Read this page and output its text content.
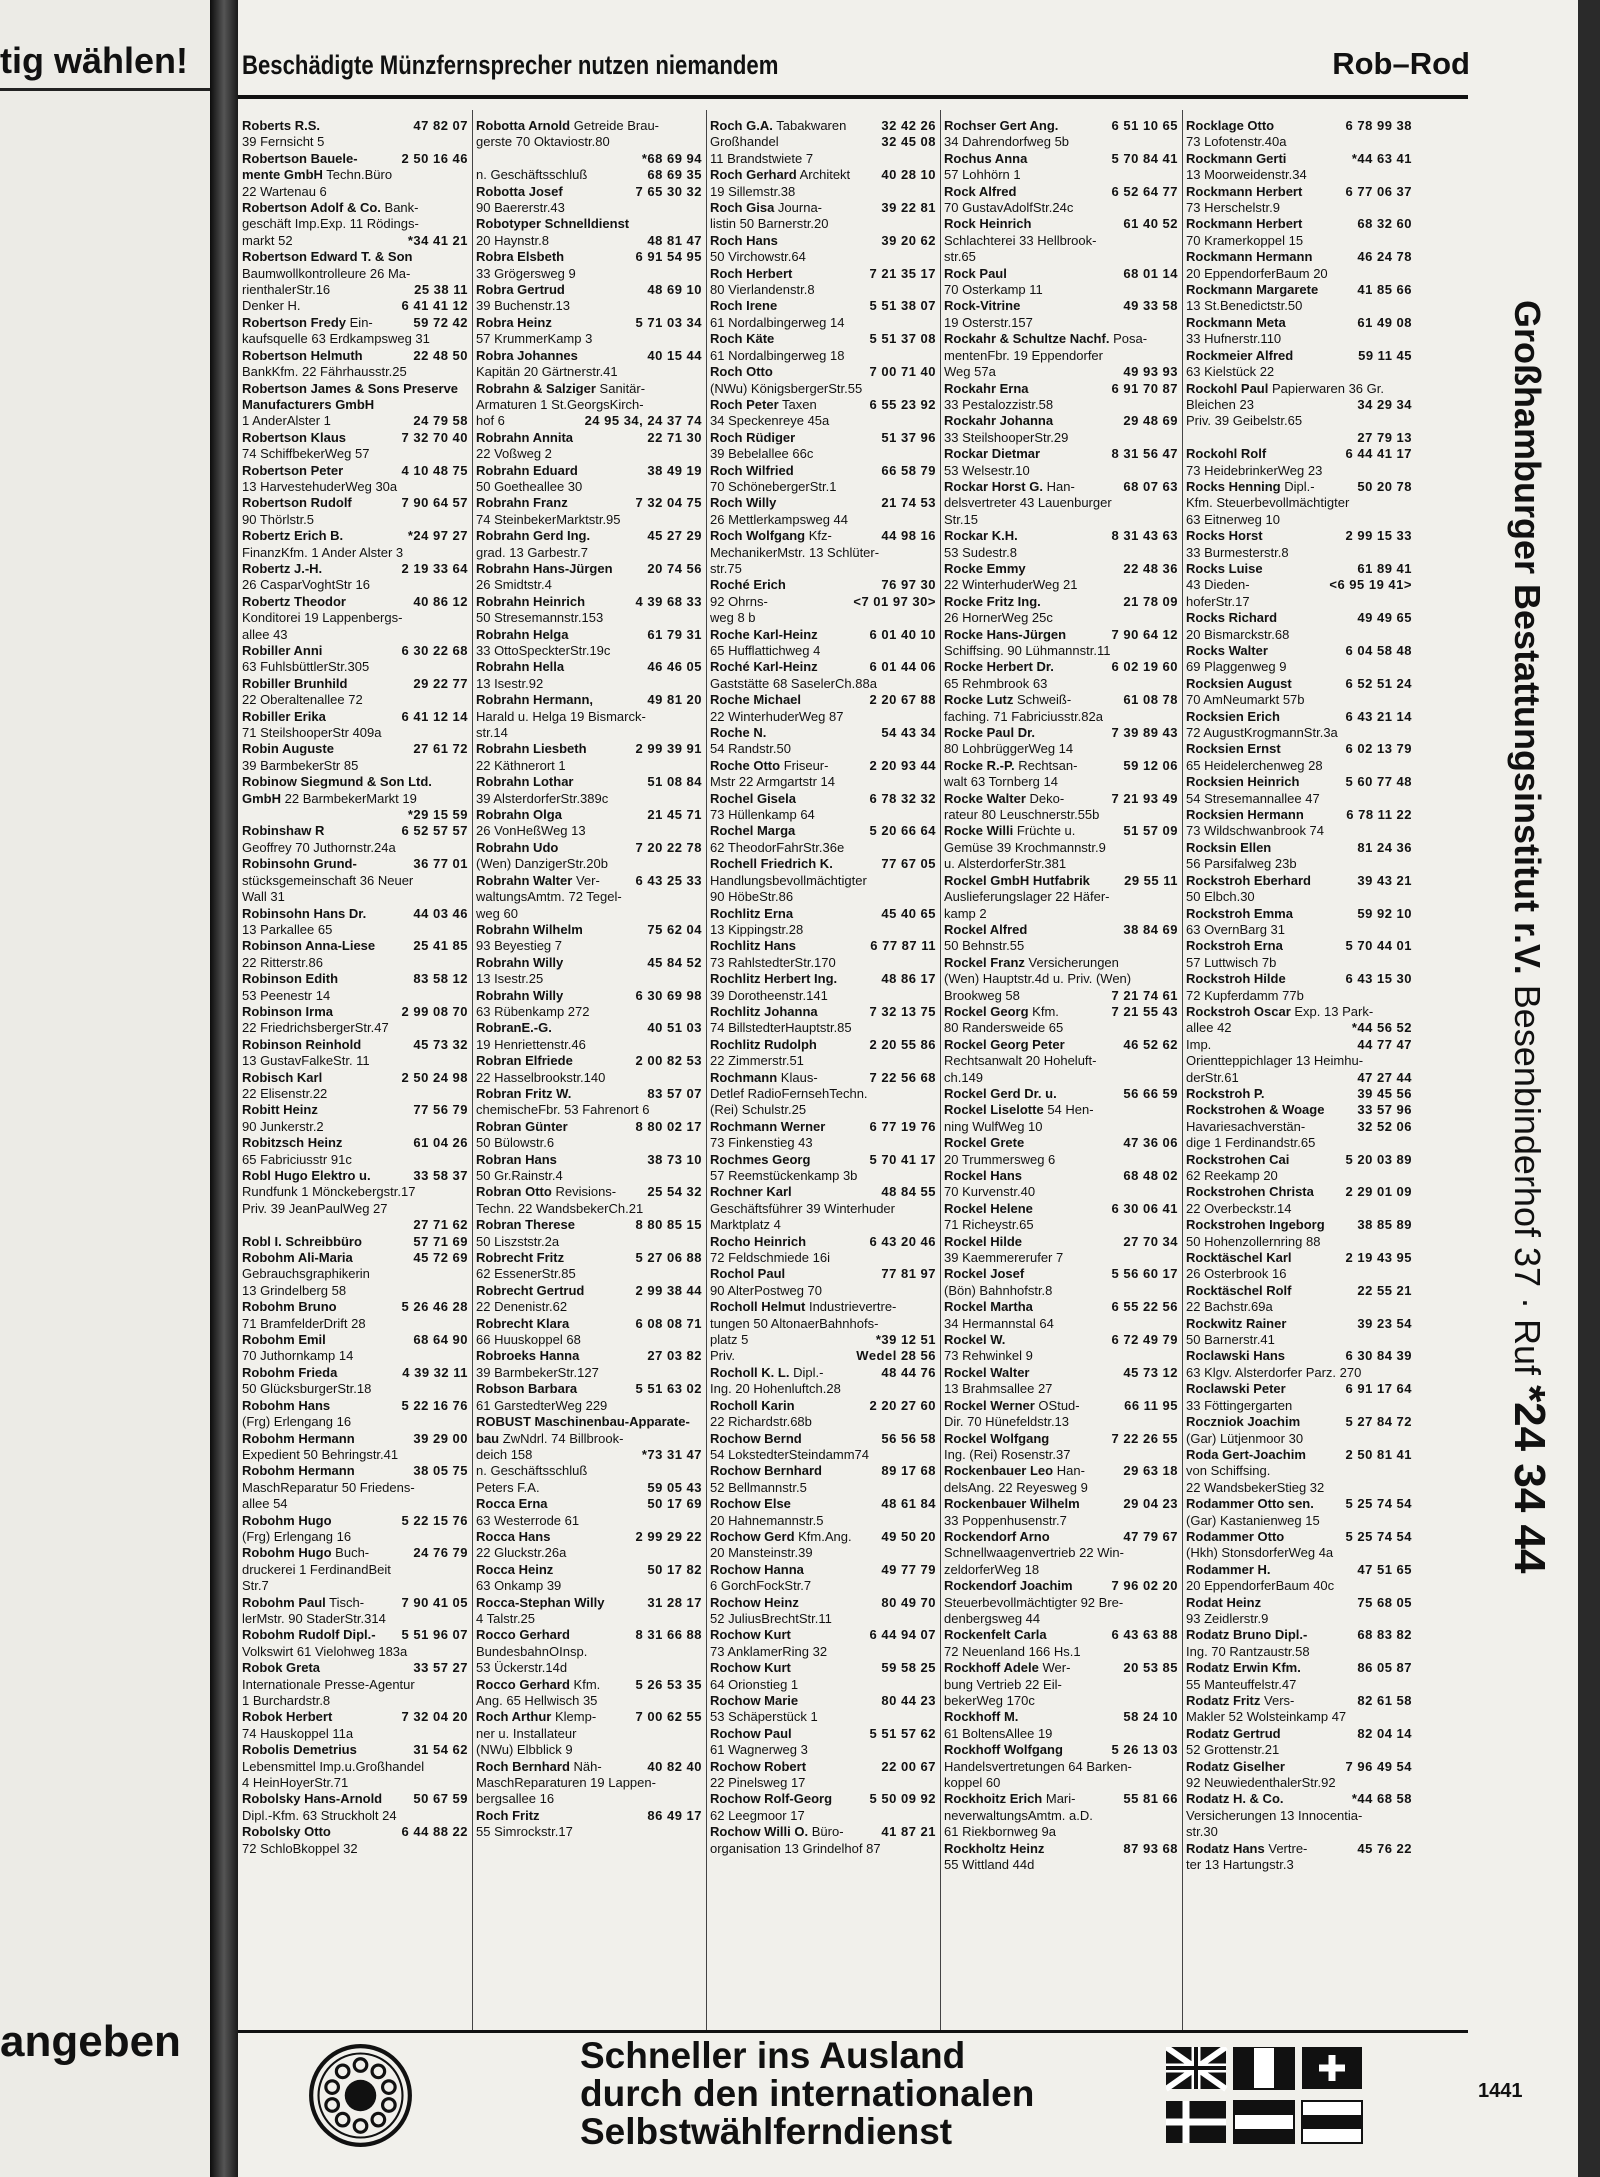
tig wählen!
angeben
Beschädigte Münzfernsprecher nutzen niemandem	Rob–Rod
47 82 07
Roberts R.S.
39 Fernsicht 5
2 50 16 46
Robertson Bauele-
mente GmbH Techn.Büro
22 Wartenau 6
Robertson Adolf & Co. Bank-
geschäft Imp.Exp. 11 Rödings-
*34 41 21
markt 52
Robertson Edward T. & Son
Baumwollkontrolleure 26 Ma-
25 38 11
rienthalerStr.16
6 41 41 12
Denker H.
59 72 42
Robertson Fredy Ein-
kaufsquelle 63 Erdkampsweg 31
22 48 50
Robertson Helmuth
BankKfm. 22 Fährhausstr.25
Robertson James & Sons Preserve
Manufacturers GmbH
24 79 58
1 AnderAlster 1
7 32 70 40
Robertson Klaus
74 SchiffbekerWeg 57
4 10 48 75
Robertson Peter
13 HarvestehuderWeg 30a
7 90 64 57
Robertson Rudolf
90 Thörlstr.5
*24 97 27
Robertz Erich B.
FinanzKfm. 1 Ander Alster 3
2 19 33 64
Robertz J.-H.
26 CasparVoghtStr 16
40 86 12
Robertz Theodor
Konditorei 19 Lappenbergs-
allee 43
6 30 22 68
Robiller Anni
63 FuhlsbüttlerStr.305
29 22 77
Robiller Brunhild
22 Oberaltenallee 72
6 41 12 14
Robiller Erika
71 SteilshooperStr 409a
27 61 72
Robin Auguste
39 BarmbekerStr 85
Robinow Siegmund & Son Ltd.
GmbH 22 BarmbekerMarkt 19
*29 15 59
6 52 57 57
Robinshaw R
Geoffrey 70 Juthornstr.24a
36 77 01
Robinsohn Grund-
stücksgemeinschaft 36 Neuer
Wall 31
44 03 46
Robinsohn Hans Dr.
13 Parkallee 65
25 41 85
Robinson Anna-Liese
22 Ritterstr.86
83 58 12
Robinson Edith
53 Peenestr 14
2 99 08 70
Robinson Irma
22 FriedrichsbergerStr.47
45 73 32
Robinson Reinhold
13 GustavFalkeStr. 11
2 50 24 98
Robisch Karl
22 Elisenstr.22
77 56 79
Robitt Heinz
90 Junkerstr.2
61 04 26
Robitzsch Heinz
65 Fabriciusstr 91c
33 58 37
Robl Hugo Elektro u.
Rundfunk 1 Mönckebergstr.17
Priv. 39 JeanPaulWeg 27
27 71 62
57 71 69
Robl I. Schreibbüro
45 72 69
Robohm Ali-Maria
Gebrauchsgraphikerin
13 Grindelberg 58
5 26 46 28
Robohm Bruno
71 BramfelderDrift 28
68 64 90
Robohm Emil
70 Juthornkamp 14
4 39 32 11
Robohm Frieda
50 GlücksburgerStr.18
5 22 16 76
Robohm Hans
(Frg) Erlengang 16
39 29 00
Robohm Hermann
Expedient 50 Behringstr.41
38 05 75
Robohm Hermann
MaschReparatur 50 Friedens-
allee 54
5 22 15 76
Robohm Hugo
(Frg) Erlengang 16
24 76 79
Robohm Hugo Buch-
druckerei 1 FerdinandBeit
Str.7
7 90 41 05
Robohm Paul Tisch-
lerMstr. 90 StaderStr.314
5 51 96 07
Robohm Rudolf Dipl.-
Volkswirt 61 Vielohweg 183a
33 57 27
Robok Greta
Internationale Presse-Agentur
1 Burchardstr.8
7 32 04 20
Robok Herbert
74 Hauskoppel 11a
31 54 62
Robolis Demetrius
Lebensmittel Imp.u.Großhandel
4 HeinHoyerStr.71
50 67 59
Robolsky Hans-Arnold
Dipl.-Kfm. 63 Struckholt 24
6 44 88 22
Robolsky Otto
72 SchloBkoppel 32
Robotta Arnold Getreide Brau-
gerste 70 Oktaviostr.80
*68 69 94
68 69 35
n. Geschäftsschluß
7 65 30 32
Robotta Josef
90 Baererstr.43
Robotyper Schnelldienst
48 81 47
20 Haynstr.8
6 91 54 95
Robra Elsbeth
33 Grögersweg 9
48 69 10
Robra Gertrud
39 Buchenstr.13
5 71 03 34
Robra Heinz
57 KrummerKamp 3
40 15 44
Robra Johannes
Kapitän 20 Gärtnerstr.41
Robrahn & Salziger Sanitär-
Armaturen 1 St.GeorgsKirch-
24 95 34, 24 37 74
hof 6
22 71 30
Robrahn Annita
22 Voßweg 2
38 49 19
Robrahn Eduard
50 Goetheallee 30
7 32 04 75
Robrahn Franz
74 SteinbekerMarktstr.95
45 27 29
Robrahn Gerd Ing.
grad. 13 Garbestr.7
20 74 56
Robrahn Hans-Jürgen
26 Smidtstr.4
4 39 68 33
Robrahn Heinrich
50 Stresemannstr.153
61 79 31
Robrahn Helga
33 OttoSpeckterStr.19c
46 46 05
Robrahn Hella
13 Isestr.92
49 81 20
Robrahn Hermann,
Harald u. Helga 19 Bismarck-
str.14
2 99 39 91
Robrahn Liesbeth
22 Käthnerort 1
51 08 84
Robrahn Lothar
39 AlsterdorferStr.389c
21 45 71
Robrahn Olga
26 VonHeßWeg 13
7 20 22 78
Robrahn Udo
(Wen) DanzigerStr.20b
6 43 25 33
Robrahn Walter Ver-
waltungsAmtm. 72 Tegel-
weg 60
75 62 04
Robrahn Wilhelm
93 Beyestieg 7
45 84 52
Robrahn Willy
13 Isestr.25
6 30 69 98
Robrahn Willy
63 Rübenkamp 272
40 51 03
RobranE.-G.
19 Henriettenstr.46
2 00 82 53
Robran Elfriede
22 Hasselbrookstr.140
83 57 07
Robran Fritz W.
chemischeFbr. 53 Fahrenort 6
8 80 02 17
Robran Günter
50 Bülowstr.6
38 73 10
Robran Hans
50 Gr.Rainstr.4
25 54 32
Robran Otto Revisions-
Techn. 22 WandsbekerCh.21
8 80 85 15
Robran Therese
50 Liszststr.2a
5 27 06 88
Robrecht Fritz
62 EssenerStr.85
2 99 38 44
Robrecht Gertrud
22 Denenistr.62
6 08 08 71
Robrecht Klara
66 Huuskoppel 68
27 03 82
Robroeks Hanna
39 BarmbekerStr.127
5 51 63 02
Robson Barbara
61 GarstedterWeg 229
ROBUST Maschinenbau-Apparate-
bau ZwNdrl. 74 Billbrook-
*73 31 47
deich 158
n. Geschäftsschluß
59 05 43
Peters F.A.
50 17 69
Rocca Erna
63 Westerrode 61
2 99 29 22
Rocca Hans
22 Gluckstr.26a
50 17 82
Rocca Heinz
63 Onkamp 39
31 28 17
Rocca-Stephan Willy
4 Talstr.25
8 31 66 88
Rocco Gerhard
BundesbahnOInsp.
53 Ückerstr.14d
5 26 53 35
Rocco Gerhard Kfm.
Ang. 65 Hellwisch 35
7 00 62 55
Roch Arthur Klemp-
ner u. Installateur
(NWu) Elbblick 9
40 82 40
Roch Bernhard Näh-
MaschReparaturen 19 Lappen-
bergsallee 16
86 49 17
Roch Fritz
55 Simrockstr.17
32 42 26
Roch G.A. Tabakwaren
32 45 08
Großhandel
11 Brandstwiete 7
40 28 10
Roch Gerhard Architekt
19 Sillemstr.38
39 22 81
Roch Gisa Journa-
listin 50 Barnerstr.20
39 20 62
Roch Hans
50 Virchowstr.64
7 21 35 17
Roch Herbert
80 Vierlandenstr.8
5 51 38 07
Roch Irene
61 Nordalbingerweg 14
5 51 37 08
Roch Käte
61 Nordalbingerweg 18
7 00 71 40
Roch Otto
(NWu) KönigsbergerStr.55
6 55 23 92
Roch Peter Taxen
34 Speckenreye 45a
51 37 96
Roch Rüdiger
39 Bebelallee 66c
66 58 79
Roch Wilfried
70 SchönebergerStr.1
21 74 53
Roch Willy
26 Mettlerkampsweg 44
44 98 16
Roch Wolfgang Kfz-
MechanikerMstr. 13 Schlüter-
str.75
76 97 30
Roché Erich
<7 01 97 30>
92 Ohrns-
weg 8 b
6 01 40 10
Roche Karl-Heinz
65 Hufflattichweg 4
6 01 44 06
Roché Karl-Heinz
Gaststätte 68 SaselerCh.88a
2 20 67 88
Roche Michael
22 WinterhuderWeg 87
54 43 34
Roche N.
54 Randstr.50
2 20 93 44
Roche Otto Friseur-
Mstr 22 Armgartstr 14
6 78 32 32
Rochel Gisela
73 Hüllenkamp 64
5 20 66 64
Rochel Marga
62 TheodorFahrStr.36e
77 67 05
Rochell Friedrich K.
Handlungsbevollmächtigter
90 HöbeStr.86
45 40 65
Rochlitz Erna
13 Kippingstr.28
6 77 87 11
Rochlitz Hans
73 RahlstedterStr.170
48 86 17
Rochlitz Herbert Ing.
39 Dorotheenstr.141
7 32 13 75
Rochlitz Johanna
74 BillstedterHauptstr.85
2 20 55 86
Rochlitz Rudolph
22 Zimmerstr.51
7 22 56 68
Rochmann Klaus-
Detlef RadioFernsehTechn.
(Rei) Schulstr.25
6 77 19 76
Rochmann Werner
73 Finkenstieg 43
5 70 41 17
Rochmes Georg
57 Reemstückenkamp 3b
48 84 55
Rochner Karl
Geschäftsführer 39 Winterhuder
Marktplatz 4
6 43 20 46
Rocho Heinrich
72 Feldschmiede 16i
77 81 97
Rochol Paul
90 AlterPostweg 70
Rocholl Helmut Industrievertre-
tungen 50 AltonaerBahnhofs-
*39 12 51
platz 5
Wedel 28 56
Priv.
48 44 76
Rocholl K. L. Dipl.-
Ing. 20 Hohenluftch.28
2 20 27 60
Rocholl Karin
22 Richardstr.68b
56 56 58
Rochow Bernd
54 LokstedterSteindamm74
89 17 68
Rochow Bernhard
52 Bellmannstr.5
48 61 84
Rochow Else
20 Hahnemannstr.5
49 50 20
Rochow Gerd Kfm.Ang.
20 Mansteinstr.39
49 77 79
Rochow Hanna
6 GorchFockStr.7
80 49 70
Rochow Heinz
52 JuliusBrechtStr.11
6 44 94 07
Rochow Kurt
73 AnklamerRing 32
59 58 25
Rochow Kurt
64 Orionstieg 1
80 44 23
Rochow Marie
53 Schäperstück 1
5 51 57 62
Rochow Paul
61 Wagnerweg 3
22 00 67
Rochow Robert
22 Pinelsweg 17
5 50 09 92
Rochow Rolf-Georg
62 Leegmoor 17
41 87 21
Rochow Willi O. Büro-
organisation 13 Grindelhof 87
6 51 10 65
Rochser Gert Ang.
34 Dahrendorfweg 5b
5 70 84 41
Rochus Anna
57 Lohhörn 1
6 52 64 77
Rock Alfred
70 GustavAdolfStr.24c
61 40 52
Rock Heinrich
Schlachterei 33 Hellbrook-
str.65
68 01 14
Rock Paul
70 Osterkamp 11
49 33 58
Rock-Vitrine
19 Osterstr.157
Rockahr & Schultze Nachf. Posa-
mentenFbr. 19 Eppendorfer
49 93 93
Weg 57a
6 91 70 87
Rockahr Erna
33 Pestalozzistr.58
29 48 69
Rockahr Johanna
33 SteilshooperStr.29
8 31 56 47
Rockar Dietmar
53 Welsestr.10
68 07 63
Rockar Horst G. Han-
delsvertreter 43 Lauenburger
Str.15
8 31 43 63
Rockar K.H.
53 Sudestr.8
22 48 36
Rocke Emmy
22 WinterhuderWeg 21
21 78 09
Rocke Fritz Ing.
26 HornerWeg 25c
7 90 64 12
Rocke Hans-Jürgen
Schiffsing. 90 Lühmannstr.11
6 02 19 60
Rocke Herbert Dr.
65 Rehmbrook 63
61 08 78
Rocke Lutz Schweiß-
faching. 71 Fabriciusstr.82a
7 39 89 43
Rocke Paul Dr.
80 LohbrüggerWeg 14
59 12 06
Rocke R.-P. Rechtsan-
walt 63 Tornberg 14
7 21 93 49
Rocke Walter Deko-
rateur 80 Leuschnerstr.55b
51 57 09
Rocke Willi Früchte u.
Gemüse 39 Krochmannstr.9
u. AlsterdorferStr.381
29 55 11
Rockel GmbH Hutfabrik
Auslieferungslager 22 Häfer-
kamp 2
38 84 69
Rockel Alfred
50 Behnstr.55
Rockel Franz Versicherungen
(Wen) Hauptstr.4d u. Priv. (Wen)
7 21 74 61
Brookweg 58
7 21 55 43
Rockel Georg Kfm.
80 Randersweide 65
46 52 62
Rockel Georg Peter
Rechtsanwalt 20 Hoheluft-
ch.149
56 66 59
Rockel Gerd Dr. u.
Rockel Liselotte 54 Hen-
ning WulfWeg 10
47 36 06
Rockel Grete
20 Trummersweg 6
68 48 02
Rockel Hans
70 Kurvenstr.40
6 30 06 41
Rockel Helene
71 Richeystr.65
27 70 34
Rockel Hilde
39 Kaemmererufer 7
5 56 60 17
Rockel Josef
(Bön) Bahnhofstr.8
6 55 22 56
Rockel Martha
34 Hermannstal 64
6 72 49 79
Rockel W.
73 Rehwinkel 9
45 73 12
Rockel Walter
13 Brahmsallee 27
66 11 95
Rockel Werner OStud-
Dir. 70 Hünefeldstr.13
7 22 26 55
Rockel Wolfgang
Ing. (Rei) Rosenstr.37
29 63 18
Rockenbauer Leo Han-
delsAng. 22 Reyesweg 9
29 04 23
Rockenbauer Wilhelm
33 Poppenhusenstr.7
47 79 67
Rockendorf Arno
Schnellwaagenvertrieb 22 Win-
zeldorferWeg 18
7 96 02 20
Rockendorf Joachim
Steuerbevollmächtigter 92 Bre-
denbergsweg 44
6 43 63 88
Rockenfelt Carla
72 Neuenland 166 Hs.1
20 53 85
Rockhoff Adele Wer-
bung Vertrieb 22 Eil-
bekerWeg 170c
58 24 10
Rockhoff M.
61 BoltensAllee 19
5 26 13 03
Rockhoff Wolfgang
Handelsvertretungen 64 Barken-
koppel 60
55 81 66
Rockhoitz Erich Mari-
neverwaltungsAmtm. a.D.
61 Riekbornweg 9a
87 93 68
Rockholtz Heinz
55 Wittland 44d
6 78 99 38
Rocklage Otto
73 Lofotenstr.40a
*44 63 41
Rockmann Gerti
13 Moorweidenstr.34
6 77 06 37
Rockmann Herbert
73 Herschelstr.9
68 32 60
Rockmann Herbert
70 Kramerkoppel 15
46 24 78
Rockmann Hermann
20 EppendorferBaum 20
41 85 66
Rockmann Margarete
13 St.Benedictstr.50
61 49 08
Rockmann Meta
33 Hufnerstr.110
59 11 45
Rockmeier Alfred
63 Kielstück 22
Rockohl Paul Papierwaren 36 Gr.
34 29 34
Bleichen 23
Priv. 39 Geibelstr.65
27 79 13
6 44 41 17
Rockohl Rolf
73 HeidebrinkerWeg 23
50 20 78
Rocks Henning Dipl.-
Kfm. Steuerbevollmächtigter
63 Eitnerweg 10
2 99 15 33
Rocks Horst
33 Burmesterstr.8
61 89 41
Rocks Luise
<6 95 19 41>
43 Dieden-
hoferStr.17
49 49 65
Rocks Richard
20 Bismarckstr.68
6 04 58 48
Rocks Walter
69 Plaggenweg 9
6 52 51 24
Rocksien August
70 AmNeumarkt 57b
6 43 21 14
Rocksien Erich
72 AugustKrogmannStr.3a
6 02 13 79
Rocksien Ernst
65 Heidelerchenweg 28
5 60 77 48
Rocksien Heinrich
54 Stresemannallee 47
6 78 11 22
Rocksien Hermann
73 Wildschwanbrook 74
81 24 36
Rocksin Ellen
56 Parsifalweg 23b
39 43 21
Rockstroh Eberhard
50 Elbch.30
59 92 10
Rockstroh Emma
63 OvernBarg 31
5 70 44 01
Rockstroh Erna
57 Luttwisch 7b
6 43 15 30
Rockstroh Hilde
72 Kupferdamm 77b
Rockstroh Oscar Exp. 13 Park-
*44 56 52
allee 42
44 77 47
Imp.
Orientteppichlager 13 Heimhu-
47 27 44
derStr.61
39 45 56
Rockstroh P.
33 57 96
Rockstrohen & Woage
32 52 06
Havariesachverstän-
dige 1 Ferdinandstr.65
5 20 03 89
Rockstrohen Cai
62 Reekamp 20
2 29 01 09
Rockstrohen Christa
22 Overbeckstr.14
38 85 89
Rockstrohen Ingeborg
50 Hohenzollernring 88
2 19 43 95
Rocktäschel Karl
26 Osterbrook 16
22 55 21
Rocktäschel Rolf
22 Bachstr.69a
39 23 54
Rockwitz Rainer
50 Barnerstr.41
6 30 84 39
Roclawski Hans
63 Klgv. Alsterdorfer Parz. 270
6 91 17 64
Roclawski Peter
33 Föttingergarten
5 27 84 72
Roczniok Joachim
(Gar) Lütjenmoor 30
2 50 81 41
Roda Gert-Joachim
von Schiffsing.
22 WandsbekerStieg 32
5 25 74 54
Rodammer Otto sen.
(Gar) Kastanienweg 15
5 25 74 54
Rodammer Otto
(Hkh) StonsdorferWeg 4a
47 51 65
Rodammer H.
20 EppendorferBaum 40c
75 68 05
Rodat Heinz
93 Zeidlerstr.9
68 83 82
Rodatz Bruno Dipl.-
Ing. 70 Rantzaustr.58
86 05 87
Rodatz Erwin Kfm.
55 Manteuffelstr.47
82 61 58
Rodatz Fritz Vers-
Makler 52 Wolsteinkamp 47
82 04 14
Rodatz Gertrud
52 Grottenstr.21
7 96 49 54
Rodatz Giselher
92 NeuwiedenthalerStr.92
*44 68 58
Rodatz H. & Co.
Versicherungen 13 Innocentia-
str.30
45 76 22
Rodatz Hans Vertre-
ter 13 Hartungstr.3
Großhamburger Bestattungsinstitut r.V. Besenbinderhof 37 · Ruf *24 34 44
Schneller ins Ausland
durch den internationalen
Selbstwählferndienst
1441
